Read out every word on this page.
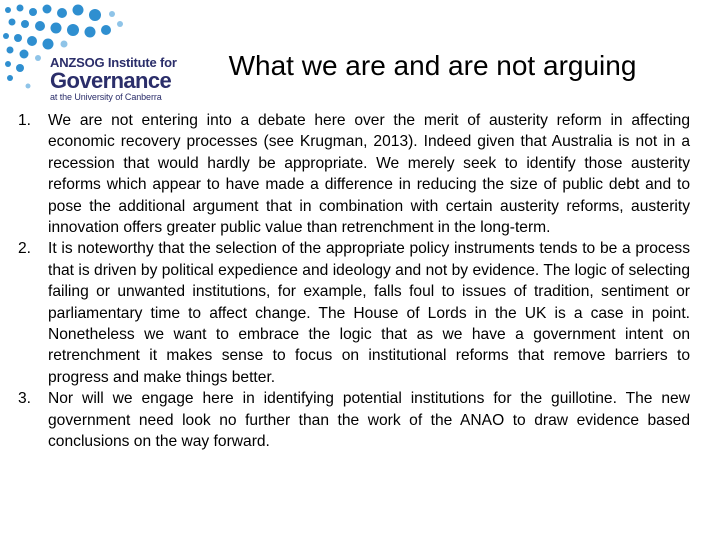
ANZSOG Institute for
Governance
at the University of Canberra
What we are and are not arguing
1.	We are not entering into a debate here over the merit of austerity reform in affecting economic recovery processes (see Krugman, 2013). Indeed given that Australia is not in a recession that would hardly be appropriate. We merely seek to identify those austerity reforms which appear to have made a difference in reducing the size of public debt and to pose the additional argument that in combination with certain austerity reforms, austerity innovation offers greater public value than retrenchment in the long-term.
2.	It is noteworthy that the selection of the appropriate policy instruments tends to be a process that is driven by political expedience and ideology and not by evidence. The logic of selecting failing or unwanted institutions, for example, falls foul to issues of tradition, sentiment or parliamentary time to affect change. The House of Lords in the UK is a case in point. Nonetheless we want to embrace the logic that as we have a government intent on retrenchment it makes sense to focus on institutional reforms that remove barriers to progress and make things better.
3.	Nor will we engage here in identifying potential institutions for the guillotine. The new government need look no further than the work of the ANAO to draw evidence based conclusions on the way forward.
